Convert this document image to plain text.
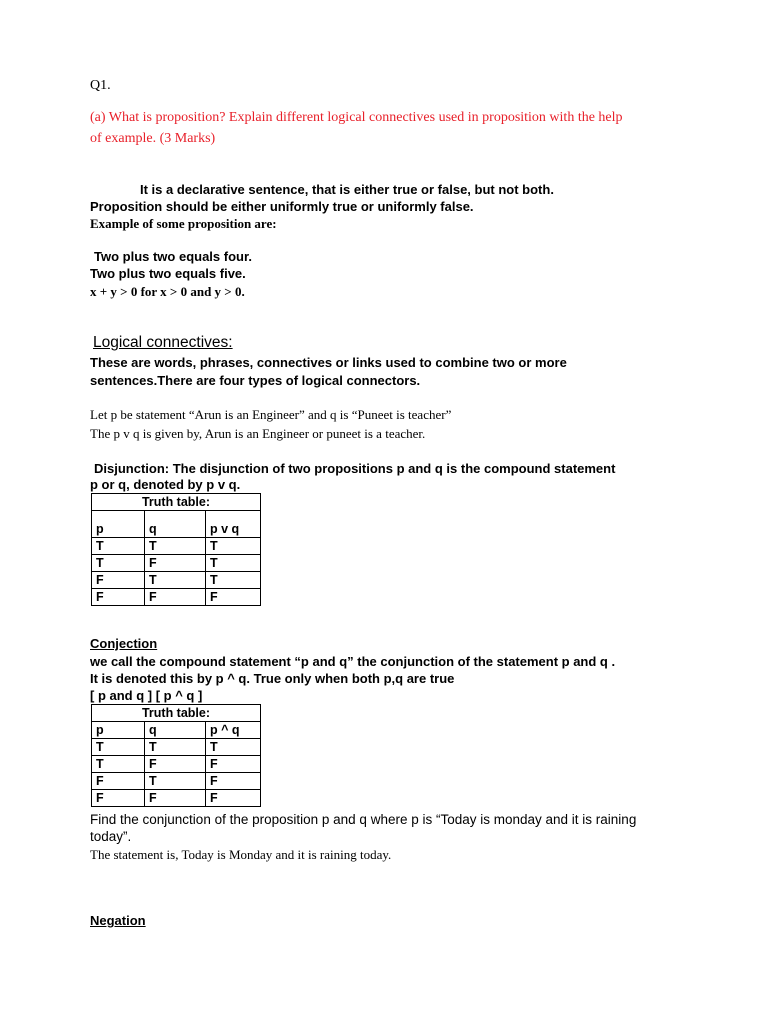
Q1.
(a) What is proposition? Explain different logical connectives used in proposition with the help
of example. (3 Marks)
It is a declarative sentence, that is either true or false, but not both.
Proposition should be either uniformly true or uniformly false.
Example of some proposition are:
Two plus two equals four.
Two plus two equals five.
x + y > 0 for x > 0 and y > 0.
Logical connectives:
These are words, phrases, connectives or links used to combine two or more
sentences.There are four types of logical connectors.
Let p be statement “Arun is an Engineer” and q is “Puneet is teacher”
The p v q is given by, Arun is an Engineer or puneet is a teacher.
Disjunction: The disjunction of two propositions p and q is the compound statement
p or q, denoted by p v q.
Truth table:		
p	q	p v q
T	T	T
T	F	T
F	T	T
F	F	F
Conjection
we call the compound statement “p and q” the conjunction of the statement p and q .
It is denoted this by p ^ q. True only when both p,q are true
[ p and q ] [ p ^ q ]
Truth table:		
p	q	p ^ q
T	T	T
T	F	F
F	T	F
F	F	F
Find the conjunction of the proposition p and q where p is “Today is monday and it is raining
today”.
The statement is, Today is Monday and it is raining today.
Negation
